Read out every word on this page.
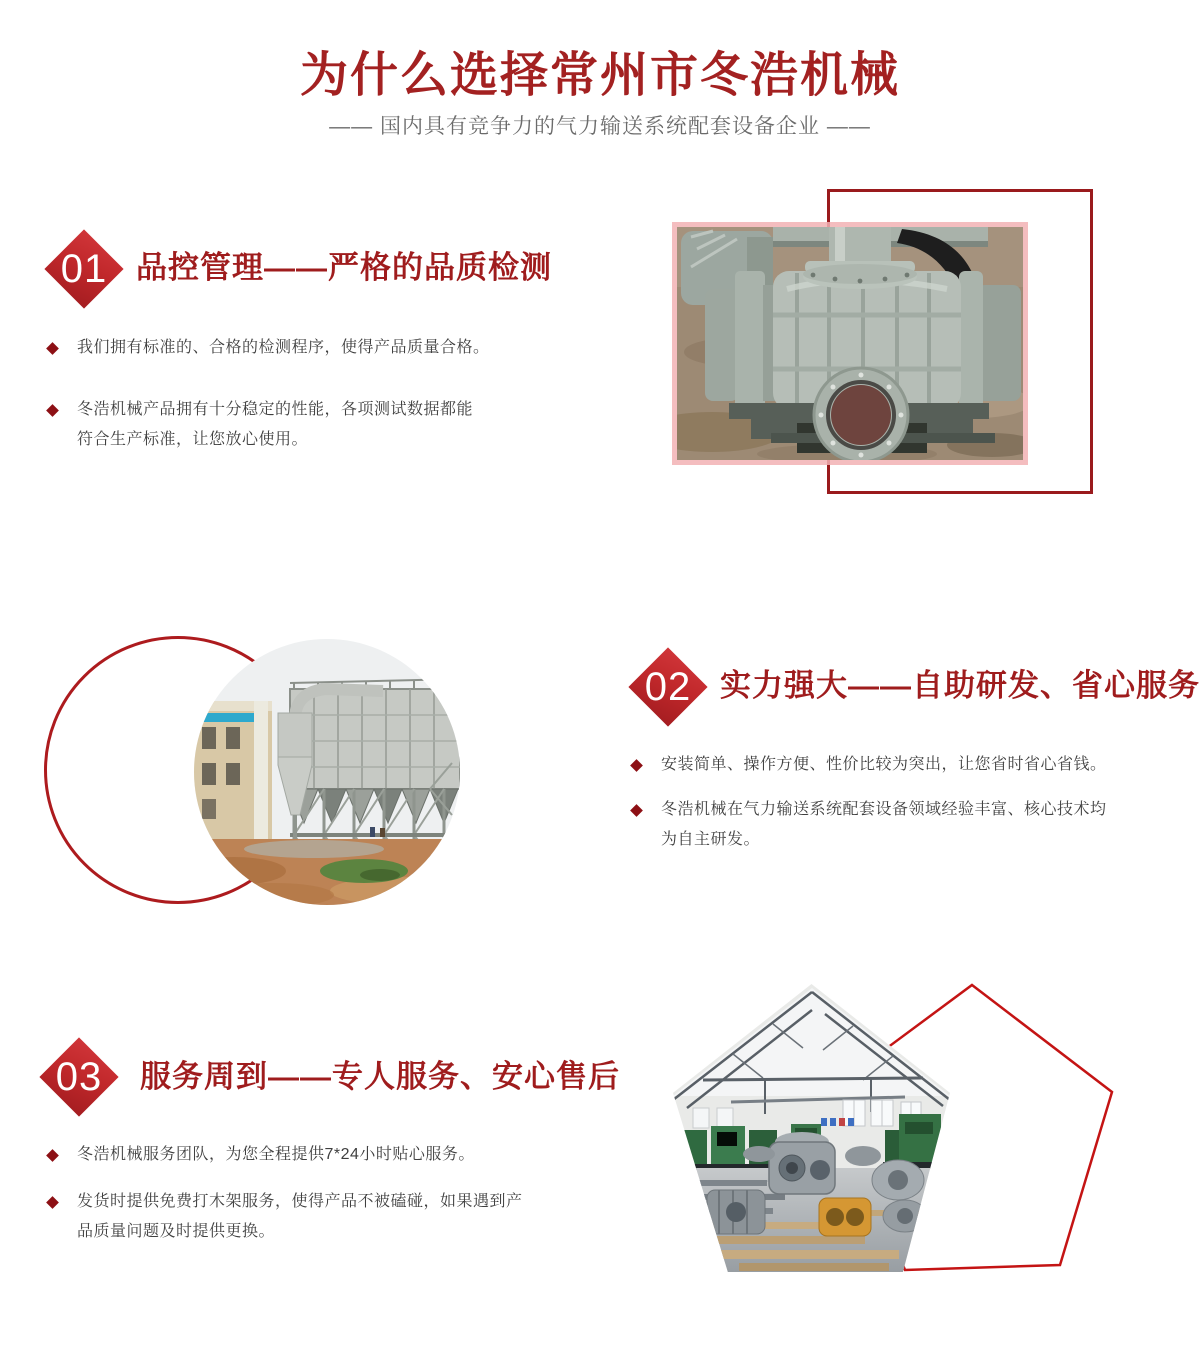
为什么选择常州市冬浩机械
—— 国内具有竞争力的气力输送系统配套设备企业 ——
01 品控管理——严格的品质检测
我们拥有标准的、合格的检测程序，使得产品质量合格。
冬浩机械产品拥有十分稳定的性能，各项测试数据都能
符合生产标准，让您放心使用。
02 实力强大——自助研发、省心服务
安装简单、操作方便、性价比较为突出，让您省时省心省钱。
冬浩机械在气力输送系统配套设备领域经验丰富、核心技术均
为自主研发。
03 服务周到——专人服务、安心售后
冬浩机械服务团队，为您全程提供7*24小时贴心服务。
发货时提供免费打木架服务，使得产品不被磕碰，如果遇到产
品质量问题及时提供更换。
